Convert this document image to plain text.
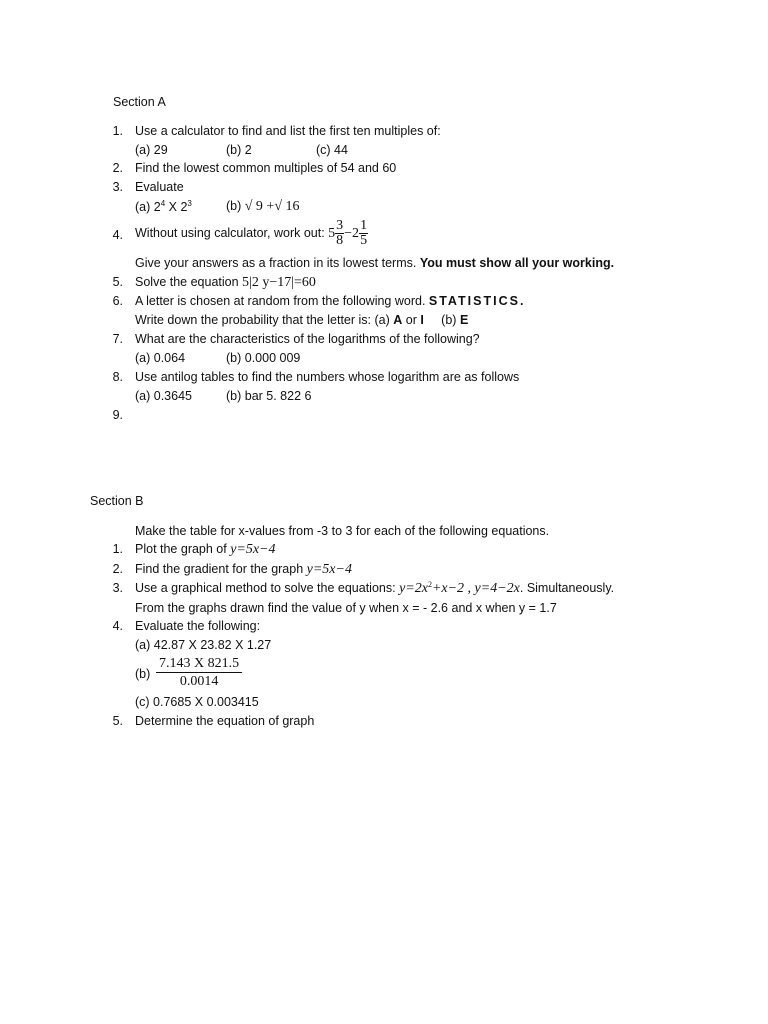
Section A
1. Use a calculator to find and list the first ten multiples of:
(a) 29	(b) 2	(c) 44
2. Find the lowest common multiples of 54 and 60
3. Evaluate
(a) $2^4$ X $2^3$	(b) √ 9 +√ 16
4. Without using calculator, work out: $5 \frac{3}{8} -2 \frac{1}{5}$
Give your answers as a fraction in its lowest terms. You must show all your working.
5. Solve the equation 5|2 y−17|=60
6. A letter is chosen at random from the following word. STATISTICS.
Write down the probability that the letter is: (a) A or I     (b) E
7. What are the characteristics of the logarithms of the following?
(a) 0.064	(b) 0.000 009
8. Use antilog tables to find the numbers whose logarithm are as follows
(a) 0.3645	(b) bar 5. 822 6
9.
Section B
Make the table for x-values from -3 to 3 for each of the following equations.
1. Plot the graph of y=5x−4
2. Find the gradient for the graph y=5x−4
3. Use a graphical method to solve the equations: $y=2x^2+x-2$ , y=4−2x. Simultaneously.
From the graphs drawn find the value of y when x = - 2.6 and x when y = 1.7
4. Evaluate the following:
(a) 42.87 X 23.82 X 1.27
$(b) \frac{7.143 X 821.5}{0.0014}$
(c) 0.7685 X 0.003415
5. Determine the equation of graph
